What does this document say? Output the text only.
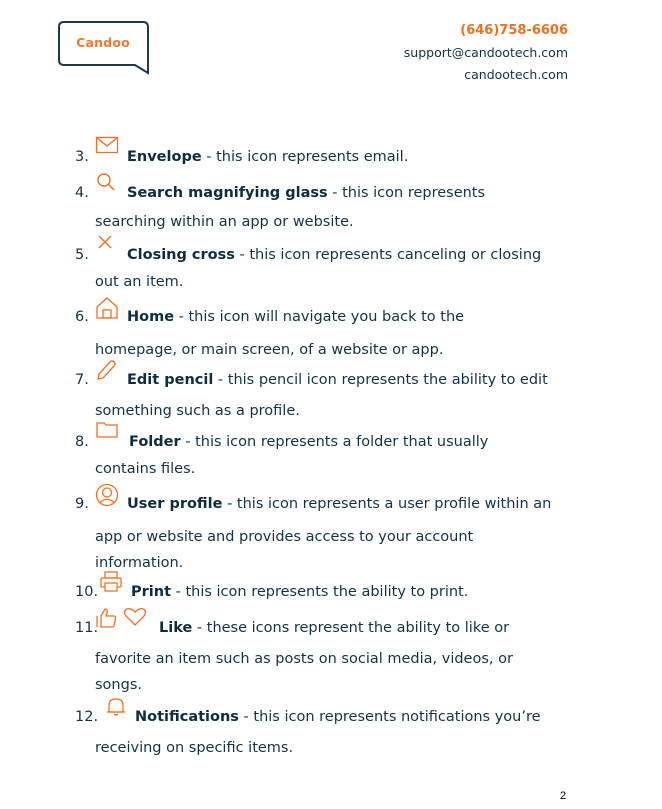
Candoo
(646)758-6606
support@candootech.com
candootech.com
3.	Envelope - this icon represents email.
4.	Search magnifying glass - this icon represents
searching within an app or website.
5.	Closing cross - this icon represents canceling or closing
out an item.
6.	Home - this icon will navigate you back to the
homepage, or main screen, of a website or app.
7.	Edit pencil - this pencil icon represents the ability to edit
something such as a profile.
8.	Folder - this icon represents a folder that usually
contains files.
9.	User profile - this icon represents a user profile within an
app or website and provides access to your account
information.
10.	Print - this icon represents the ability to print.
11.	Like - these icons represent the ability to like or
favorite an item such as posts on social media, videos, or
songs.
12.	Notifications - this icon represents notifications you’re
receiving on specific items.
2
